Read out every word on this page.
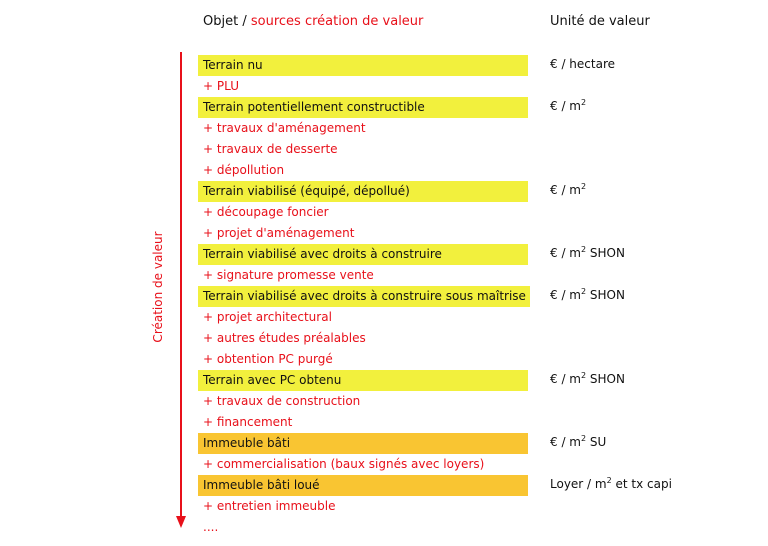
Objet / sources création de valeur	Unité de valeur
Création de valeur
Terrain nu
+ PLU
Terrain potentiellement constructible
+ travaux d'aménagement
+ travaux de desserte
+ dépollution
Terrain viabilisé (équipé, dépollué)
+ découpage foncier
+ projet d'aménagement
Terrain viabilisé avec droits à construire
+ signature promesse vente
Terrain viabilisé avec droits à construire sous maîtrise
+ projet architectural
+ autres études préalables
+ obtention PC purgé
Terrain avec PC obtenu
+ travaux de construction
+ financement
Immeuble bâti
+ commercialisation (baux signés avec loyers)
Immeuble bâti loué
+ entretien immeuble
....
€ / hectare
€ / $m^2$
€ / $m^2$
€ / $m^2$ SHON
€ / $m^2$ SHON
€ / $m^2$ SHON
€ / $m^2$ SU
Loyer / $m^2$ et tx capi
